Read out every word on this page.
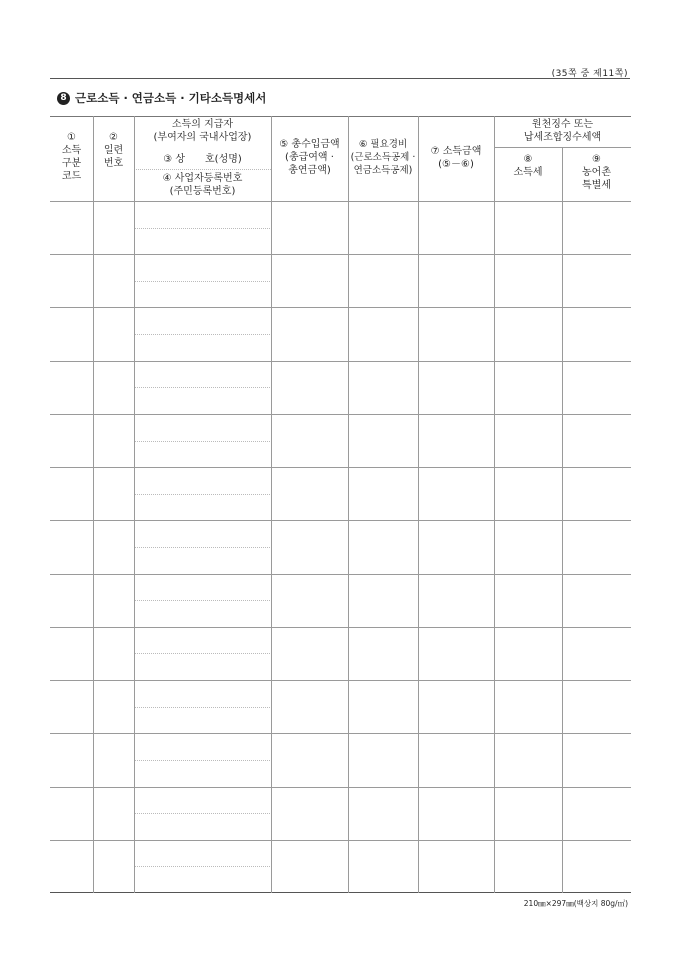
(35쪽 중 제11쪽)
8 근로소득 · 연금소득 · 기타소득명세서
①
소득
구분
코드
②
일련
번호
소득의 지급자
(부여자의 국내사업장)
③ 상　　호(성명)
④ 사업자등록번호
(주민등록번호)
⑤ 총수입금액
(총급여액 ·
총연금액)
⑥ 필요경비
(근로소득공제 ·
연금소득공제)
⑦ 소득금액
(⑤－⑥)
원천징수 또는
납세조합징수세액
⑧
소득세
⑨
농어촌
특별세
210㎜×297㎜(백상지 80g/㎡)
